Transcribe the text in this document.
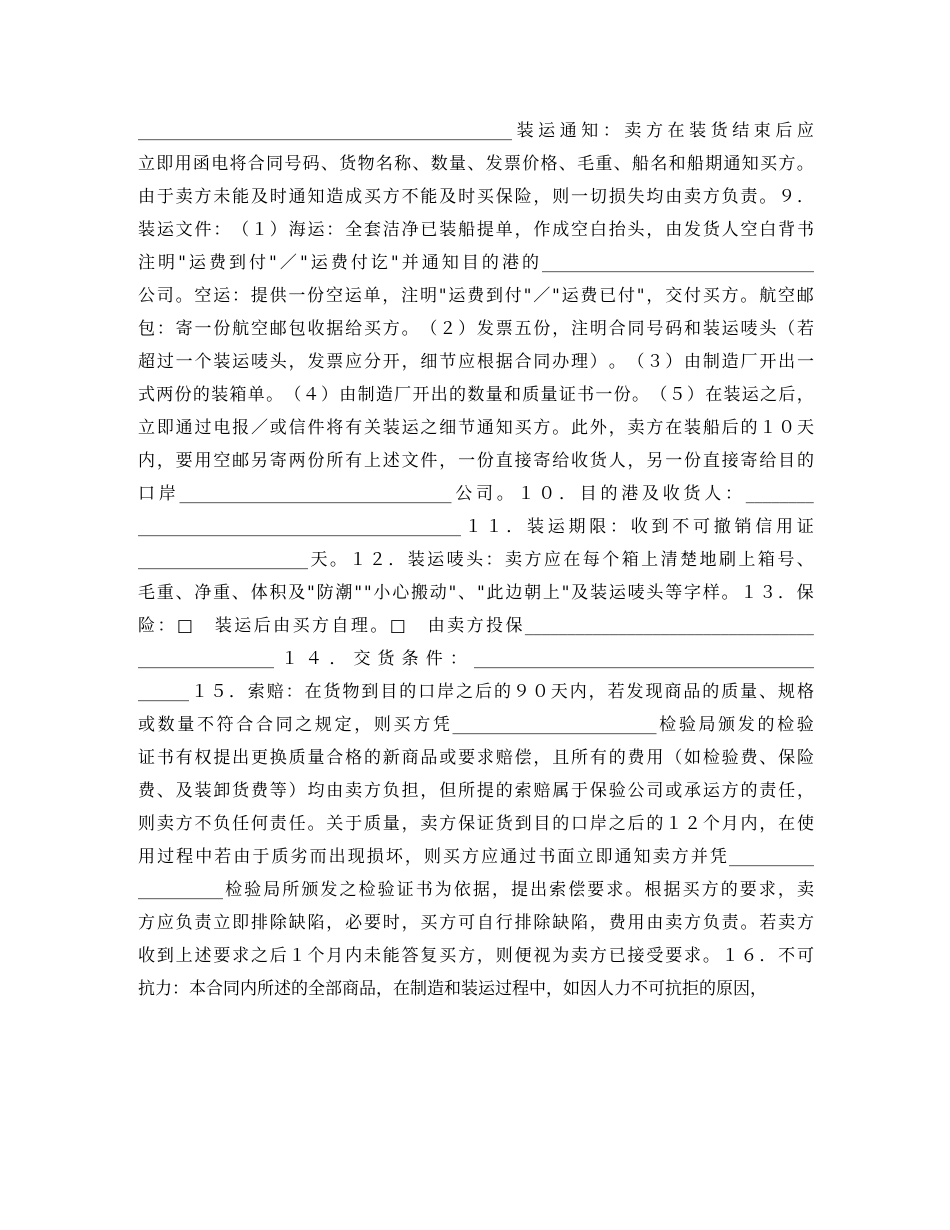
____________________________________________ 装 运 通 知 ： 卖 方 在 装 货 结 束 后 应
立 即 用 函 电 将 合 同 号 码 、 货 物 名 称 、 数 量 、 发 票 价 格 、 毛 重 、 船 名 和 船 期 通 知 买 方 。
由 于 卖 方 未 能 及 时 通 知 造 成 买 方 不 能 及 时 买 保 险 ， 则 一 切 损 失 均 由 卖 方 负 责 。 ９ ．
装 运 文 件 ： （ １ ） 海 运 ： 全 套 洁 净 已 装 船 提 单 ， 作 成 空 白 抬 头 ， 由 发 货 人 空 白 背 书
注 明 " 运 费 到 付 " ／ " 运 费 付 讫 " 并 通 知 目 的 港 的 ________________________________
公 司 。 空 运 ： 提 供 一 份 空 运 单 ， 注 明 " 运 费 到 付 " ／ " 运 费 已 付 " ， 交 付 买 方 。 航 空 邮
包 ： 寄 一 份 航 空 邮 包 收 据 给 买 方 。 （ ２ ） 发 票 五 份 ， 注 明 合 同 号 码 和 装 运 唛 头 （ 若
超 过 一 个 装 运 唛 头 ， 发 票 应 分 开 ， 细 节 应 根 据 合 同 办 理 ） 。 （ ３ ） 由 制 造 厂 开 出 一
式 两 份 的 装 箱 单 。 （ ４ ） 由 制 造 厂 开 出 的 数 量 和 质 量 证 书 一 份 。 （ ５ ） 在 装 运 之 后 ，
立 即 通 过 电 报 ／ 或 信 件 将 有 关 装 运 之 细 节 通 知 买 方 。 此 外 ， 卖 方 在 装 船 后 的 １ ０ 天
内 ， 要 用 空 邮 另 寄 两 份 所 有 上 述 文 件 ， 一 份 直 接 寄 给 收 货 人 ， 另 一 份 直 接 寄 给 目 的
口 岸 ________________________________ 公 司 。 １ ０ ． 目 的 港 及 收 货 人 ： ________
______________________________________ １ １ ． 装 运 期 限 ： 收 到 不 可 撤 销 信 用 证
____________________ 天 。 １ ２ ． 装 运 唛 头 ： 卖 方 应 在 每 个 箱 上 清 楚 地 刷 上 箱 号 、
毛 重 、 净 重 、 体 积 及 " 防 潮 " " 小 心 搬 动 " 、 " 此 边 朝 上 " 及 装 运 唛 头 等 字 样 。 １ ３ ． 保
险 ： □
　 装 运 后 由 买 方 自 理 。 □
　 由 卖 方 投 保 __________________________________
________________ １ ４ ． 交 货 条 件 ： ________________________________________
______ １ ５ ． 索 赔 ： 在 货 物 到 目 的 口 岸 之 后 的 ９ ０ 天 内 ， 若 发 现 商 品 的 质 量 、 规 格
或 数 量 不 符 合 合 同 之 规 定 ， 则 买 方 凭 ________________________ 检 验 局 颁 发 的 检 验
证 书 有 权 提 出 更 换 质 量 合 格 的 新 商 品 或 要 求 赔 偿 ， 且 所 有 的 费 用 （ 如 检 验 费 、 保 险
费 、 及 装 卸 货 费 等 ） 均 由 卖 方 负 担 ， 但 所 提 的 索 赔 属 于 保 验 公 司 或 承 运 方 的 责 任 ，
则 卖 方 不 负 任 何 责 任 。 关 于 质 量 ， 卖 方 保 证 货 到 目 的 口 岸 之 后 的 １ ２ 个 月 内 ， 在 使
用 过 程 中 若 由 于 质 劣 而 出 现 损 坏 ， 则 买 方 应 通 过 书 面 立 即 通 知 卖 方 并 凭 __________
__________ 检 验 局 所 颁 发 之 检 验 证 书 为 依 据 ， 提 出 索 偿 要 求 。 根 据 买 方 的 要 求 ， 卖
方 应 负 责 立 即 排 除 缺 陷 ， 必 要 时 ， 买 方 可 自 行 排 除 缺 陷 ， 费 用 由 卖 方 负 责 。 若 卖 方
收 到 上 述 要 求 之 后 １ 个 月 内 未 能 答 复 买 方 ， 则 便 视 为 卖 方 已 接 受 要 求 。 １ ６ ． 不 可
抗 力 ： 本 合 同 内 所 述 的 全 部 商 品 ， 在 制 造 和 装 运 过 程 中 ， 如 因 人 力 不 可 抗 拒 的 原 因 ，
